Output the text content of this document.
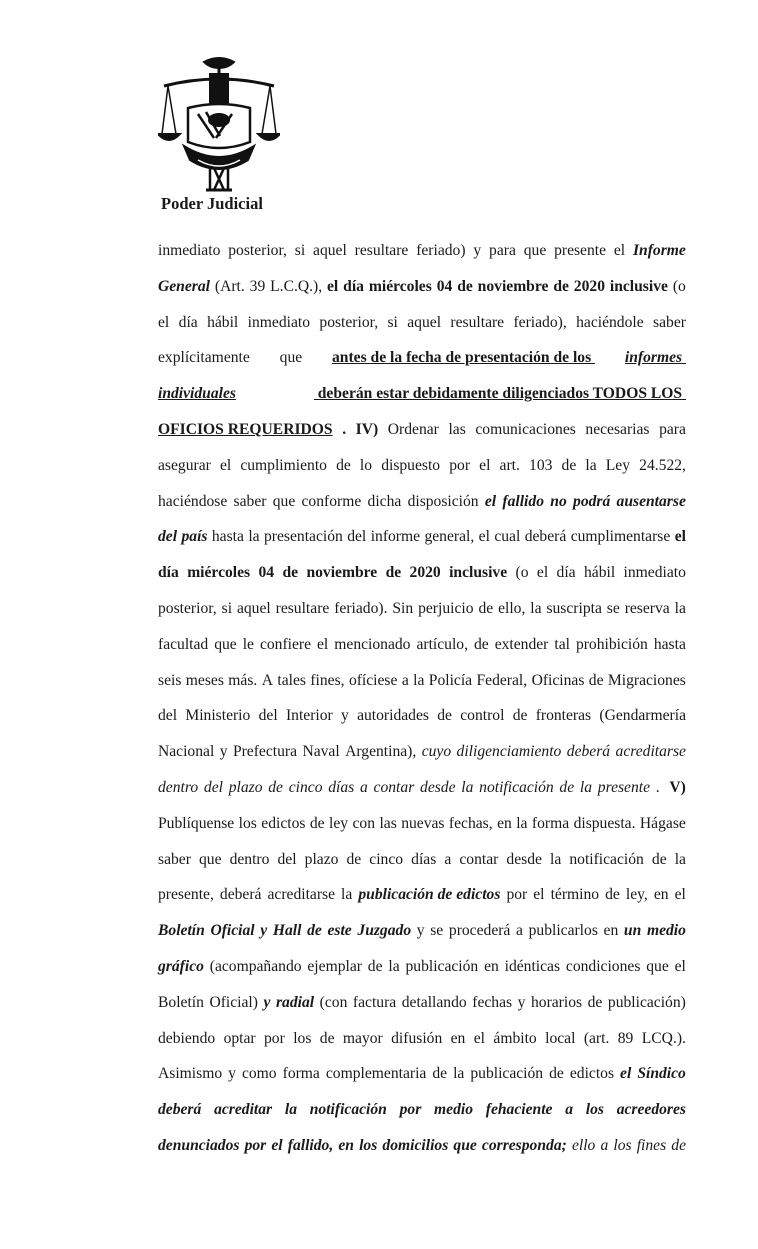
Poder Judicial
inmediato posterior, si aquel resultare feriado) y para que presente el Informe
General (Art. 39 L.C.Q.), el día miércoles 04 de noviembre de 2020 inclusive (o
el día hábil inmediato posterior, si aquel resultare feriado), haciéndole saber
explícitamente que antes de la fecha de presentación de los informes
individuales	deberán estar debidamente diligenciados TODOS LOS
OFICIOS REQUERIDOS . IV) Ordenar las comunicaciones necesarias para
asegurar el cumplimiento de lo dispuesto por el art. 103 de la Ley 24.522,
haciéndose saber que conforme dicha disposición el fallido no podrá ausentarse
del país hasta la presentación del informe general, el cual deberá cumplimentarse el
día miércoles 04 de noviembre de 2020 inclusive (o el día hábil inmediato
posterior, si aquel resultare feriado). Sin perjuicio de ello, la suscripta se reserva la
facultad que le confiere el mencionado artículo, de extender tal prohibición hasta
seis meses más. A tales fines, ofíciese a la Policía Federal, Oficinas de Migraciones
del Ministerio del Interior y autoridades de control de fronteras (Gendarmería
Nacional y Prefectura Naval Argentina), cuyo diligenciamiento deberá acreditarse
dentro del plazo de cinco días a contar desde la notificación de la presente . V)
Publíquense los edictos de ley con las nuevas fechas, en la forma dispuesta. Hágase
saber que dentro del plazo de cinco días a contar desde la notificación de la
presente, deberá acreditarse la publicación de edictos por el término de ley, en el
Boletín Oficial y Hall de este Juzgado y se procederá a publicarlos en un medio
gráfico (acompañando ejemplar de la publicación en idénticas condiciones que el
Boletín Oficial) y radial (con factura detallando fechas y horarios de publicación)
debiendo optar por los de mayor difusión en el ámbito local (art. 89 LCQ.).
Asimismo y como forma complementaria de la publicación de edictos el Síndico
deberá acreditar la notificación por medio fehaciente a los acreedores
denunciados por el fallido, en los domicilios que corresponda; ello a los fines de
